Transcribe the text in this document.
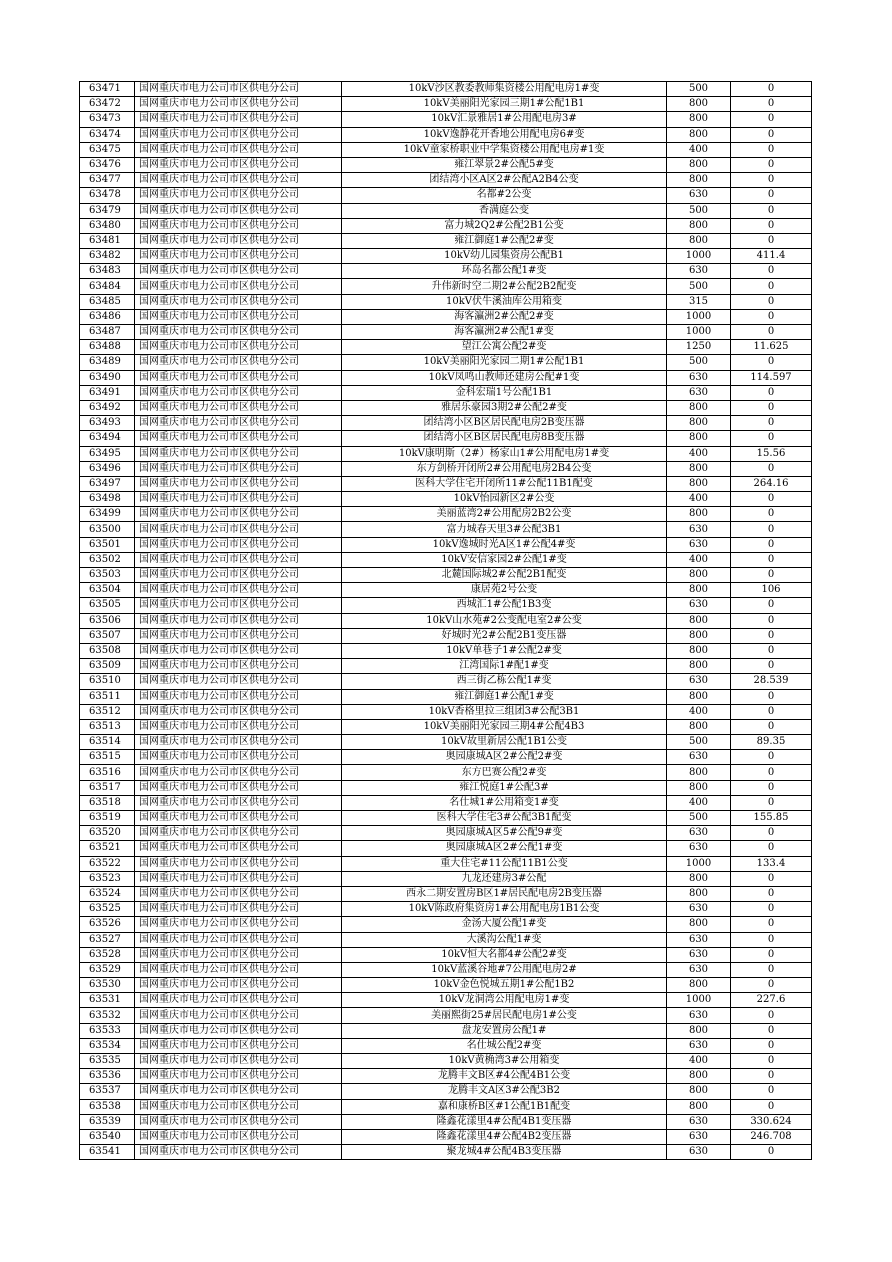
63471	国网重庆市电力公司市区供电分公司	10kV沙区教委教师集资楼公用配电房1#变	500	0
63472	国网重庆市电力公司市区供电分公司	10kV美丽阳光家园三期1#公配1B1	800	0
63473	国网重庆市电力公司市区供电分公司	10kV汇景雅居1#公用配电房3#	800	0
63474	国网重庆市电力公司市区供电分公司	10kV逸静花开香地公用配电房6#变	800	0
63475	国网重庆市电力公司市区供电分公司	10kV童家桥职业中学集资楼公用配电房#1变	400	0
63476	国网重庆市电力公司市区供电分公司	雍江翠景2#公配5#变	800	0
63477	国网重庆市电力公司市区供电分公司	团结湾小区A区2#公配A2B4公变	800	0
63478	国网重庆市电力公司市区供电分公司	名都#2公变	630	0
63479	国网重庆市电力公司市区供电分公司	香满庭公变	500	0
63480	国网重庆市电力公司市区供电分公司	富力城2Q2#公配2B1公变	800	0
63481	国网重庆市电力公司市区供电分公司	雍江御庭1#公配2#变	800	0
63482	国网重庆市电力公司市区供电分公司	10kV幼儿园集资房公配B1	1000	411.4
63483	国网重庆市电力公司市区供电分公司	环岛名都公配1#变	630	0
63484	国网重庆市电力公司市区供电分公司	升伟新时空二期2#公配2B2配变	500	0
63485	国网重庆市电力公司市区供电分公司	10kV伏牛溪油库公用箱变	315	0
63486	国网重庆市电力公司市区供电分公司	海客瀛洲2#公配2#变	1000	0
63487	国网重庆市电力公司市区供电分公司	海客瀛洲2#公配1#变	1000	0
63488	国网重庆市电力公司市区供电分公司	望江公寓公配2#变	1250	11.625
63489	国网重庆市电力公司市区供电分公司	10kV美丽阳光家园二期1#公配1B1	500	0
63490	国网重庆市电力公司市区供电分公司	10kV凤鸣山教师还建房公配#1变	630	114.597
63491	国网重庆市电力公司市区供电分公司	金科宏瑞1号公配1B1	630	0
63492	国网重庆市电力公司市区供电分公司	雅居乐豪园3期2#公配2#变	800	0
63493	国网重庆市电力公司市区供电分公司	团结湾小区B区居民配电房2B变压器	800	0
63494	国网重庆市电力公司市区供电分公司	团结湾小区B区居民配电房8B变压器	800	0
63495	国网重庆市电力公司市区供电分公司	10kV康明斯（2#）杨家山1#公用配电房1#变	400	15.56
63496	国网重庆市电力公司市区供电分公司	东方剑桥开闭所2#公用配电房2B4公变	800	0
63497	国网重庆市电力公司市区供电分公司	医科大学住宅开闭所11#公配11B1配变	800	264.16
63498	国网重庆市电力公司市区供电分公司	10kV怡园新区2#公变	400	0
63499	国网重庆市电力公司市区供电分公司	美丽蓝湾2#公用配房2B2公变	800	0
63500	国网重庆市电力公司市区供电分公司	富力城春天里3#公配3B1	630	0
63501	国网重庆市电力公司市区供电分公司	10kV逸城时光A区1#公配4#变	630	0
63502	国网重庆市电力公司市区供电分公司	10kV安信家园2#公配1#变	400	0
63503	国网重庆市电力公司市区供电分公司	北麓国际城2#公配2B1配变	800	0
63504	国网重庆市电力公司市区供电分公司	康居苑2号公变	800	106
63505	国网重庆市电力公司市区供电分公司	西城汇1#公配1B3变	630	0
63506	国网重庆市电力公司市区供电分公司	10kV山水苑#2公变配电室2#公变	800	0
63507	国网重庆市电力公司市区供电分公司	好城时光2#公配2B1变压器	800	0
63508	国网重庆市电力公司市区供电分公司	10kV单巷子1#公配2#变	800	0
63509	国网重庆市电力公司市区供电分公司	江湾国际1#配1#变	800	0
63510	国网重庆市电力公司市区供电分公司	西三街乙栋公配1#变	630	28.539
63511	国网重庆市电力公司市区供电分公司	雍江御庭1#公配1#变	800	0
63512	国网重庆市电力公司市区供电分公司	10kV香格里拉三组团3#公配3B1	400	0
63513	国网重庆市电力公司市区供电分公司	10kV美丽阳光家园三期4#公配4B3	800	0
63514	国网重庆市电力公司市区供电分公司	10kV故里新居公配1B1公变	500	89.35
63515	国网重庆市电力公司市区供电分公司	奥园康城A区2#公配2#变	630	0
63516	国网重庆市电力公司市区供电分公司	东方巴赛公配2#变	800	0
63517	国网重庆市电力公司市区供电分公司	雍江悦庭1#公配3#	800	0
63518	国网重庆市电力公司市区供电分公司	名仕城1#公用箱变1#变	400	0
63519	国网重庆市电力公司市区供电分公司	医科大学住宅3#公配3B1配变	500	155.85
63520	国网重庆市电力公司市区供电分公司	奥园康城A区5#公配9#变	630	0
63521	国网重庆市电力公司市区供电分公司	奥园康城A区2#公配1#变	630	0
63522	国网重庆市电力公司市区供电分公司	重大住宅#11公配11B1公变	1000	133.4
63523	国网重庆市电力公司市区供电分公司	九龙还建房3#公配	800	0
63524	国网重庆市电力公司市区供电分公司	西永二期安置房B区1#居民配电房2B变压器	800	0
63525	国网重庆市电力公司市区供电分公司	10kV陈政府集资房1#公用配电房1B1公变	630	0
63526	国网重庆市电力公司市区供电分公司	金汤大厦公配1#变	800	0
63527	国网重庆市电力公司市区供电分公司	大溪沟公配1#变	630	0
63528	国网重庆市电力公司市区供电分公司	10kV恒大名都4#公配2#变	630	0
63529	国网重庆市电力公司市区供电分公司	10kV蓝溪谷地#7公用配电房2#	630	0
63530	国网重庆市电力公司市区供电分公司	10kV金色悦城五期1#公配1B2	800	0
63531	国网重庆市电力公司市区供电分公司	10kV龙洞湾公用配电房1#变	1000	227.6
63532	国网重庆市电力公司市区供电分公司	美丽熙街25#居民配电房1#公变	630	0
63533	国网重庆市电力公司市区供电分公司	盘龙安置房公配1#	800	0
63534	国网重庆市电力公司市区供电分公司	名仕城公配2#变	630	0
63535	国网重庆市电力公司市区供电分公司	10kV黄桷湾3#公用箱变	400	0
63536	国网重庆市电力公司市区供电分公司	龙腾丰文B区#4公配4B1公变	800	0
63537	国网重庆市电力公司市区供电分公司	龙腾丰文A区3#公配3B2	800	0
63538	国网重庆市电力公司市区供电分公司	嘉和康桥B区#1公配1B1配变	800	0
63539	国网重庆市电力公司市区供电分公司	隆鑫花漾里4#公配4B1变压器	630	330.624
63540	国网重庆市电力公司市区供电分公司	隆鑫花漾里4#公配4B2变压器	630	246.708
63541	国网重庆市电力公司市区供电分公司	聚龙城4#公配4B3变压器	630	0
